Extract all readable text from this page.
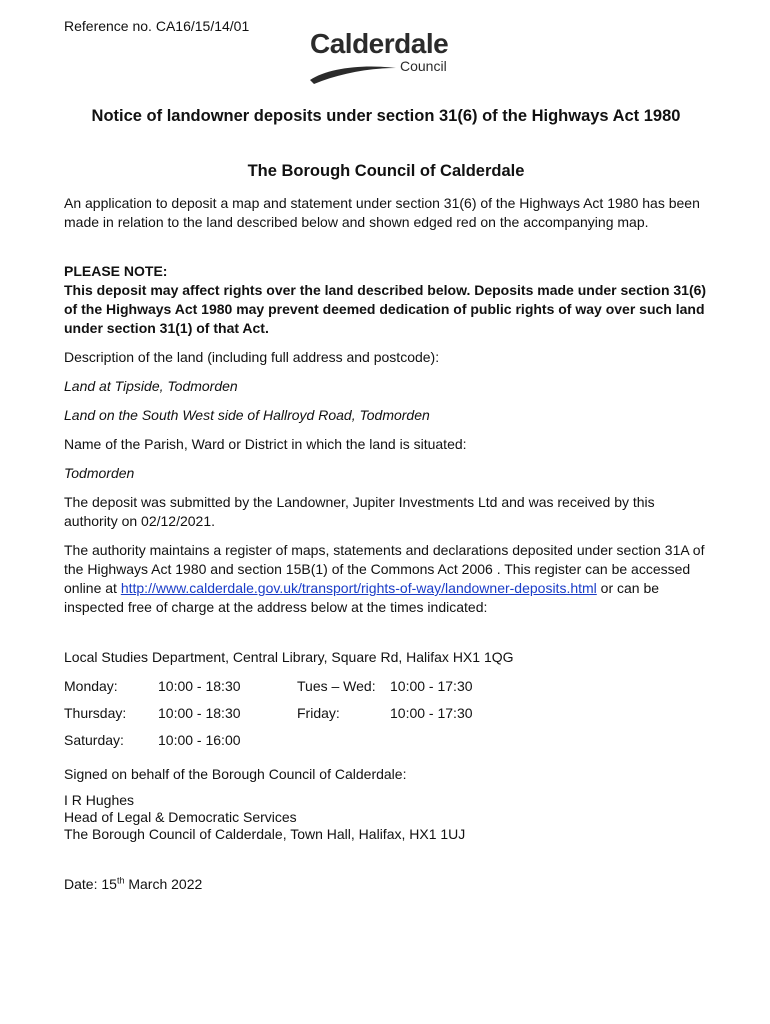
Reference no. CA16/15/14/01
Calderdale
Council
Notice of landowner deposits under section 31(6) of the Highways Act 1980
The Borough Council of Calderdale
An application to deposit a map and statement under section 31(6) of the Highways Act 1980 has been made in relation to the land described below and shown edged red on the accompanying map.
PLEASE NOTE:
This deposit may affect rights over the land described below. Deposits made under section 31(6) of the Highways Act 1980 may prevent deemed dedication of public rights of way over such land under section 31(1) of that Act.
Description of the land (including full address and postcode):
Land at Tipside, Todmorden
Land on the South West side of Hallroyd Road, Todmorden
Name of the Parish, Ward or District in which the land is situated:
Todmorden
The deposit was submitted by the Landowner, Jupiter Investments Ltd and was received by this authority on 02/12/2021.
The authority maintains a register of maps, statements and declarations deposited under section 31A of the Highways Act 1980 and section 15B(1) of the Commons Act 2006 . This register can be accessed online at http://www.calderdale.gov.uk/transport/rights-of-way/landowner-deposits.html or can be inspected free of charge at the address below at the times indicated:
Local Studies Department, Central Library, Square Rd, Halifax HX1 1QG
Monday:	10:00 - 18:30	Tues – Wed: 10:00 - 17:30
Thursday: 10:00 - 18:30	Friday:	10:00 - 17:30
Saturday: 10:00 - 16:00
Signed on behalf of the Borough Council of Calderdale:
I R Hughes
Head of Legal & Democratic Services
The Borough Council of Calderdale, Town Hall, Halifax, HX1 1UJ
Date: 15th March 2022
